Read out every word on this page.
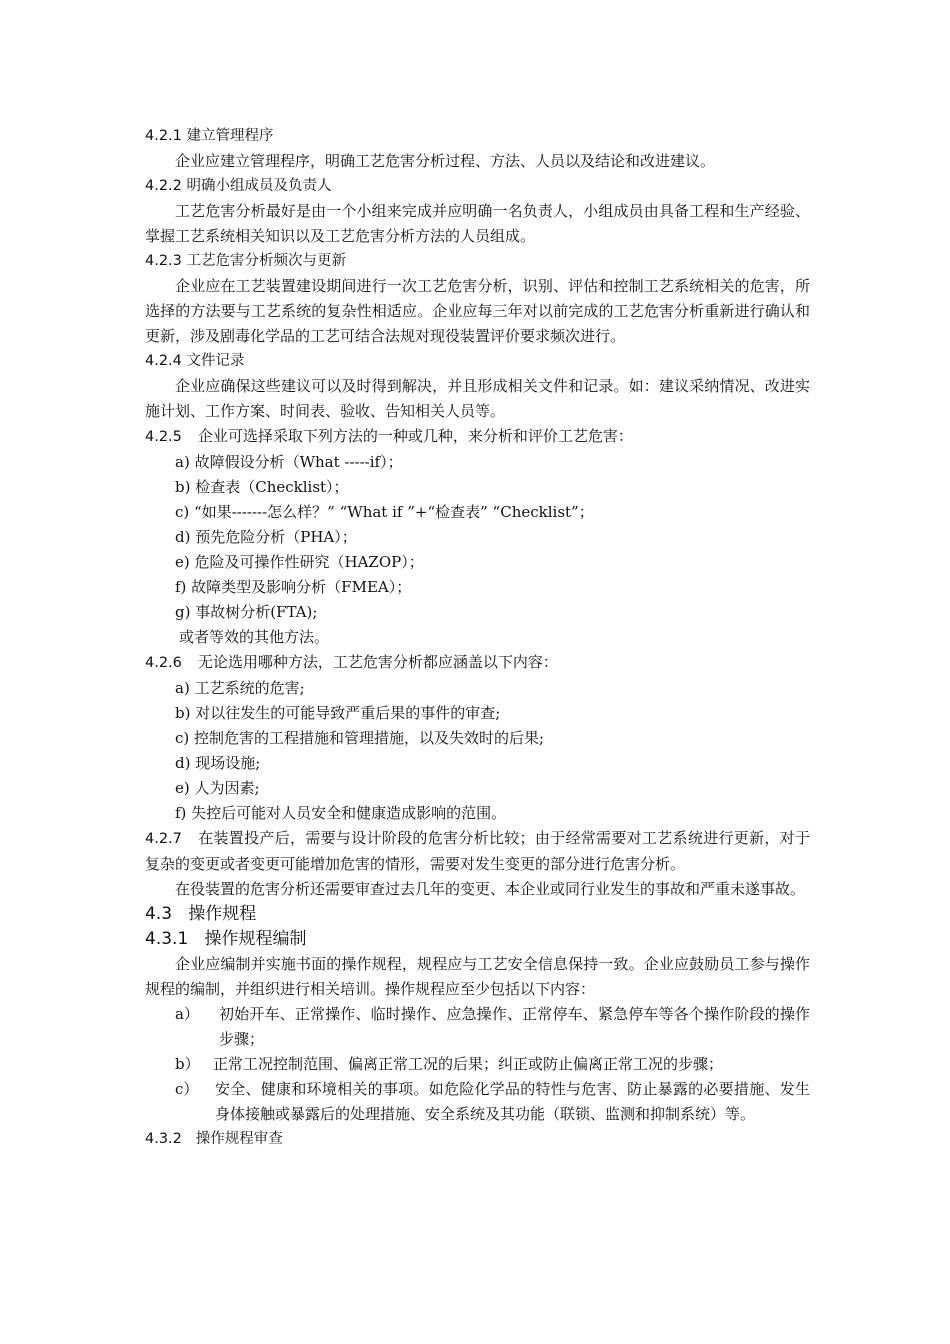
4.2.1 建立管理程序
企业应建立管理程序，明确工艺危害分析过程、方法、人员以及结论和改进建议。
4.2.2 明确小组成员及负责人
工艺危害分析最好是由一个小组来完成并应明确一名负责人，小组成员由具备工程和生产经验、掌握工艺系统相关知识以及工艺危害分析方法的人员组成。
4.2.3 工艺危害分析频次与更新
企业应在工艺装置建设期间进行一次工艺危害分析，识别、评估和控制工艺系统相关的危害，所选择的方法要与工艺系统的复杂性相适应。企业应每三年对以前完成的工艺危害分析重新进行确认和更新，涉及剧毒化学品的工艺可结合法规对现役装置评价要求频次进行。
4.2.4 文件记录
企业应确保这些建议可以及时得到解决，并且形成相关文件和记录。如：建议采纳情况、改进实施计划、工作方案、时间表、验收、告知相关人员等。
4.2.5 企业可选择采取下列方法的一种或几种，来分析和评价工艺危害：
a) 故障假设分析（What -----if）；
b) 检查表（Checklist）；
c) “如果-------怎么样？” “What if ”+“检查表” “Checklist”；
d) 预先危险分析（PHA）；
e) 危险及可操作性研究（HAZOP）；
f) 故障类型及影响分析（FMEA）；
g) 事故树分析(FTA);
或者等效的其他方法。
4.2.6 无论选用哪种方法，工艺危害分析都应涵盖以下内容：
a) 工艺系统的危害;
b) 对以往发生的可能导致严重后果的事件的审查;
c) 控制危害的工程措施和管理措施，以及失效时的后果;
d) 现场设施;
e) 人为因素;
f) 失控后可能对人员安全和健康造成影响的范围。
4.2.7 在装置投产后，需要与设计阶段的危害分析比较；由于经常需要对工艺系统进行更新，对于复杂的变更或者变更可能增加危害的情形，需要对发生变更的部分进行危害分析。
在役装置的危害分析还需要审查过去几年的变更、本企业或同行业发生的事故和严重未遂事故。
4.3 操作规程
4.3.1 操作规程编制
企业应编制并实施书面的操作规程，规程应与工艺安全信息保持一致。企业应鼓励员工参与操作规程的编制，并组织进行相关培训。操作规程应至少包括以下内容：
a）	初始开车、正常操作、临时操作、应急操作、正常停车、紧急停车等各个操作阶段的操作步骤；
b） 正常工况控制范围、偏离正常工况的后果；纠正或防止偏离正常工况的步骤；
c）	安全、健康和环境相关的事项。如危险化学品的特性与危害、防止暴露的必要措施、发生身体接触或暴露后的处理措施、安全系统及其功能（联锁、监测和抑制系统）等。
4.3.2 操作规程审查
